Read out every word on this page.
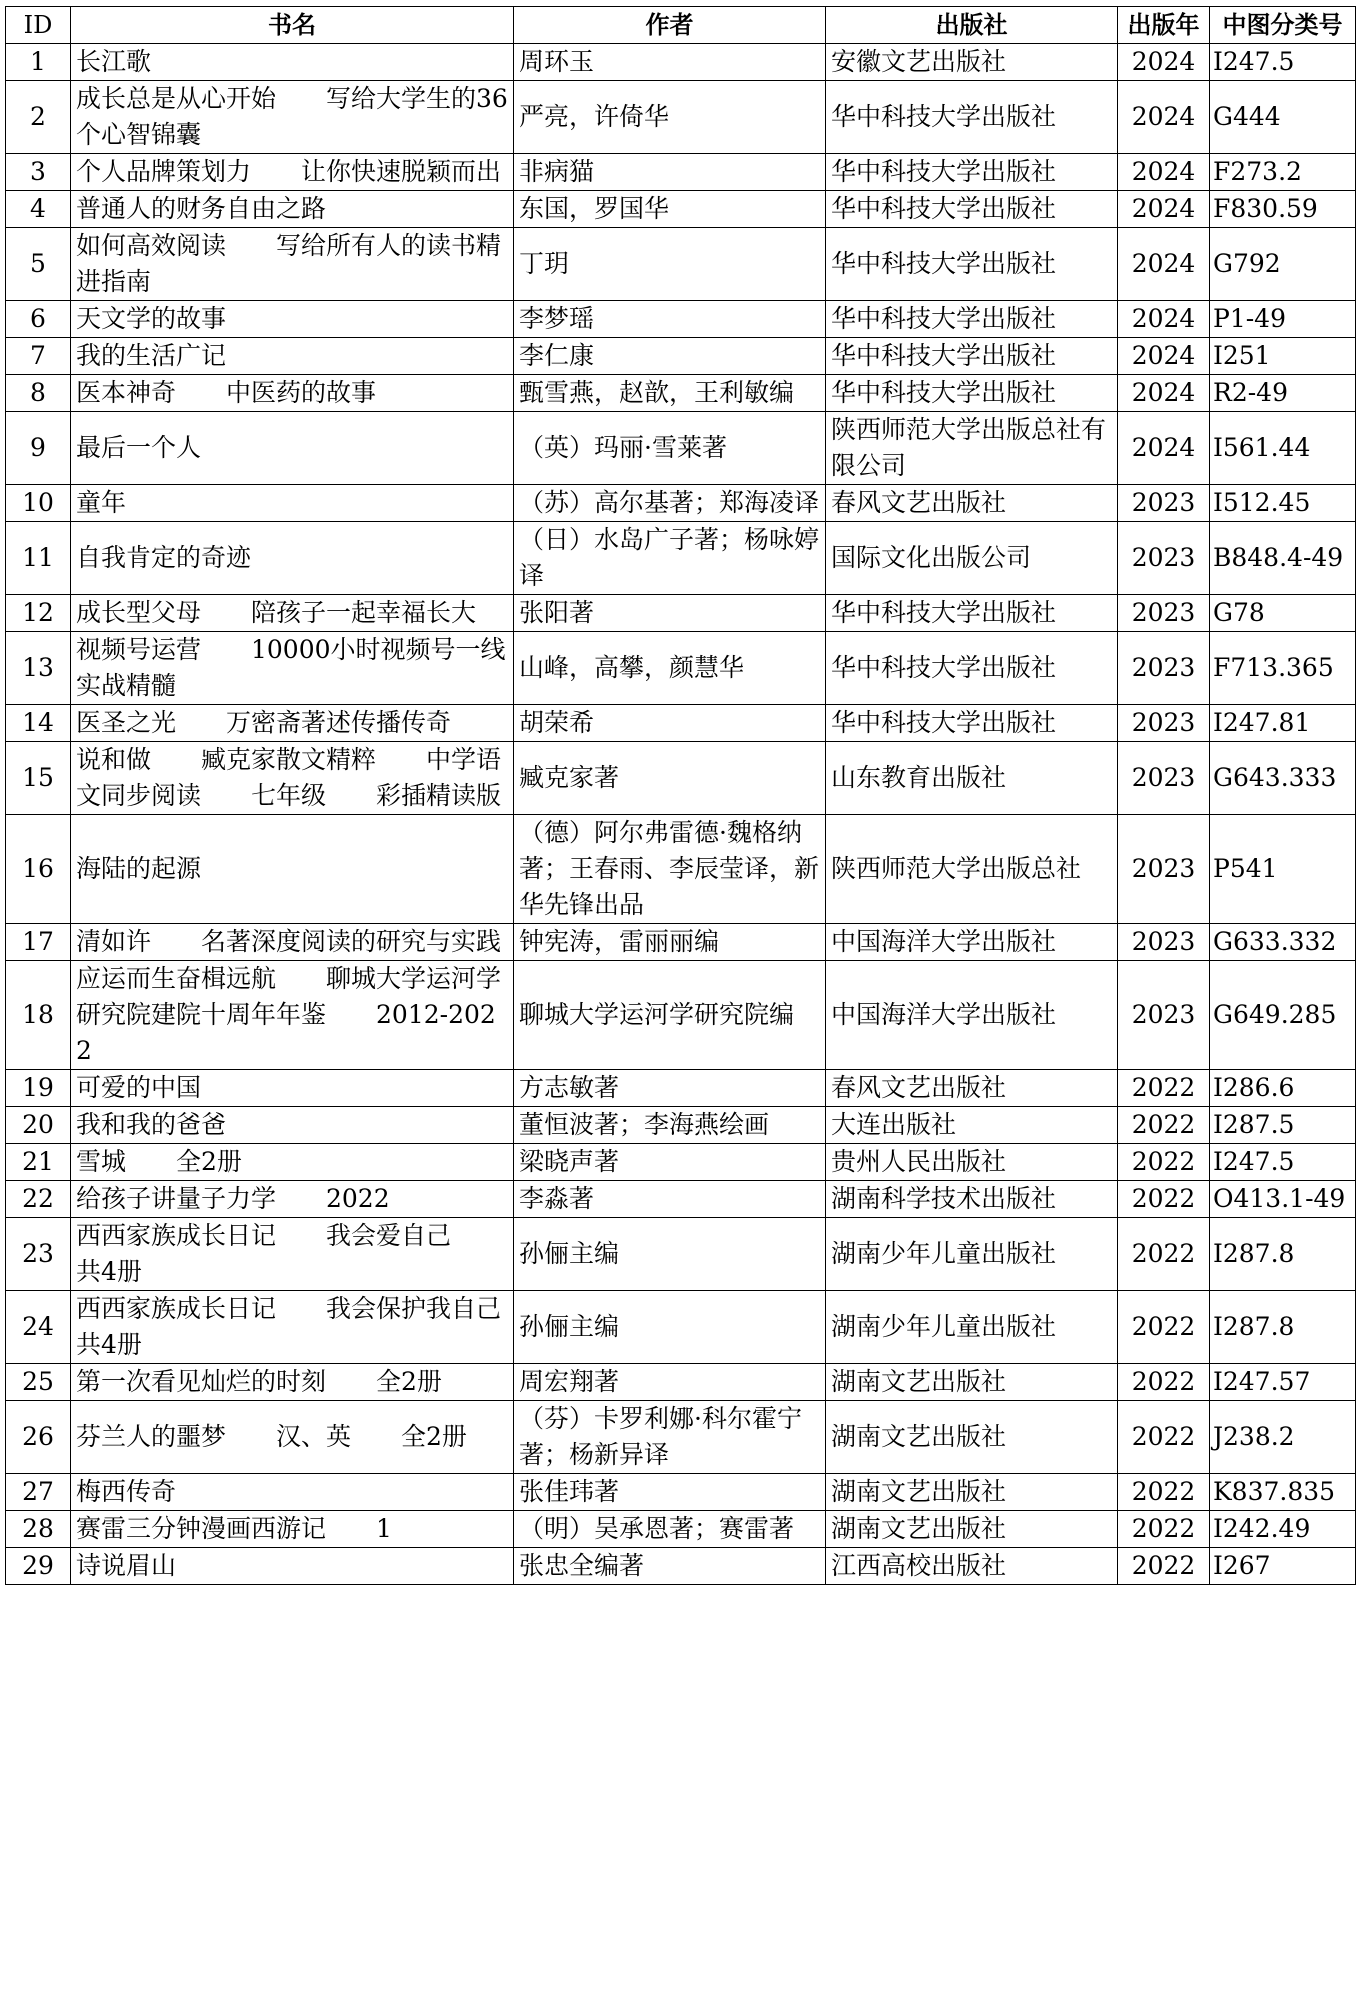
ID	书名	作者	出版社	出版年	中图分类号
1	长江歌	周环玉	安徽文艺出版社	2024	I247.5
2	成长总是从心开始　　写给大学生的36个心智锦囊	严亮，许倚华	华中科技大学出版社	2024	G444
3	个人品牌策划力　　让你快速脱颖而出	非病猫	华中科技大学出版社	2024	F273.2
4	普通人的财务自由之路	东国，罗国华	华中科技大学出版社	2024	F830.59
5	如何高效阅读　　写给所有人的读书精进指南	丁玥	华中科技大学出版社	2024	G792
6	天文学的故事	李梦瑶	华中科技大学出版社	2024	P1-49
7	我的生活广记	李仁康	华中科技大学出版社	2024	I251
8	医本神奇　　中医药的故事	甄雪燕，赵歆，王利敏编	华中科技大学出版社	2024	R2-49
9	最后一个人	（英）玛丽·雪莱著	陕西师范大学出版总社有限公司	2024	I561.44
10	童年	（苏）高尔基著；郑海凌译	春风文艺出版社	2023	I512.45
11	自我肯定的奇迹	（日）水岛广子著；杨咏婷译	国际文化出版公司	2023	B848.4-49
12	成长型父母　　陪孩子一起幸福长大	张阳著	华中科技大学出版社	2023	G78
13	视频号运营　　10000小时视频号一线实战精髓	山峰，高攀，颜慧华	华中科技大学出版社	2023	F713.365
14	医圣之光　　万密斋著述传播传奇	胡荣希	华中科技大学出版社	2023	I247.81
15	说和做　　臧克家散文精粹　　中学语文同步阅读　　七年级　　彩插精读版	臧克家著	山东教育出版社	2023	G643.333
16	海陆的起源	（德）阿尔弗雷德·魏格纳著；王春雨、李辰莹译，新华先锋出品	陕西师范大学出版总社	2023	P541
17	清如许　　名著深度阅读的研究与实践	钟宪涛，雷丽丽编	中国海洋大学出版社	2023	G633.332
18	应运而生奋楫远航　　聊城大学运河学研究院建院十周年年鉴　　2012-2022	聊城大学运河学研究院编	中国海洋大学出版社	2023	G649.285
19	可爱的中国	方志敏著	春风文艺出版社	2022	I286.6
20	我和我的爸爸	董恒波著；李海燕绘画	大连出版社	2022	I287.5
21	雪城　　全2册	梁晓声著	贵州人民出版社	2022	I247.5
22	给孩子讲量子力学　　2022	李淼著	湖南科学技术出版社	2022	O413.1-49
23	西西家族成长日记　　我会爱自己　　共4册	孙俪主编	湖南少年儿童出版社	2022	I287.8
24	西西家族成长日记　　我会保护我自己　　共4册	孙俪主编	湖南少年儿童出版社	2022	I287.8
25	第一次看见灿烂的时刻　　全2册	周宏翔著	湖南文艺出版社	2022	I247.57
26	芬兰人的噩梦　　汉、英　　全2册	（芬）卡罗利娜·科尔霍宁著；杨新异译	湖南文艺出版社	2022	J238.2
27	梅西传奇	张佳玮著	湖南文艺出版社	2022	K837.835
28	赛雷三分钟漫画西游记　　1	（明）吴承恩著；赛雷著	湖南文艺出版社	2022	I242.49
29	诗说眉山	张忠全编著	江西高校出版社	2022	I267
